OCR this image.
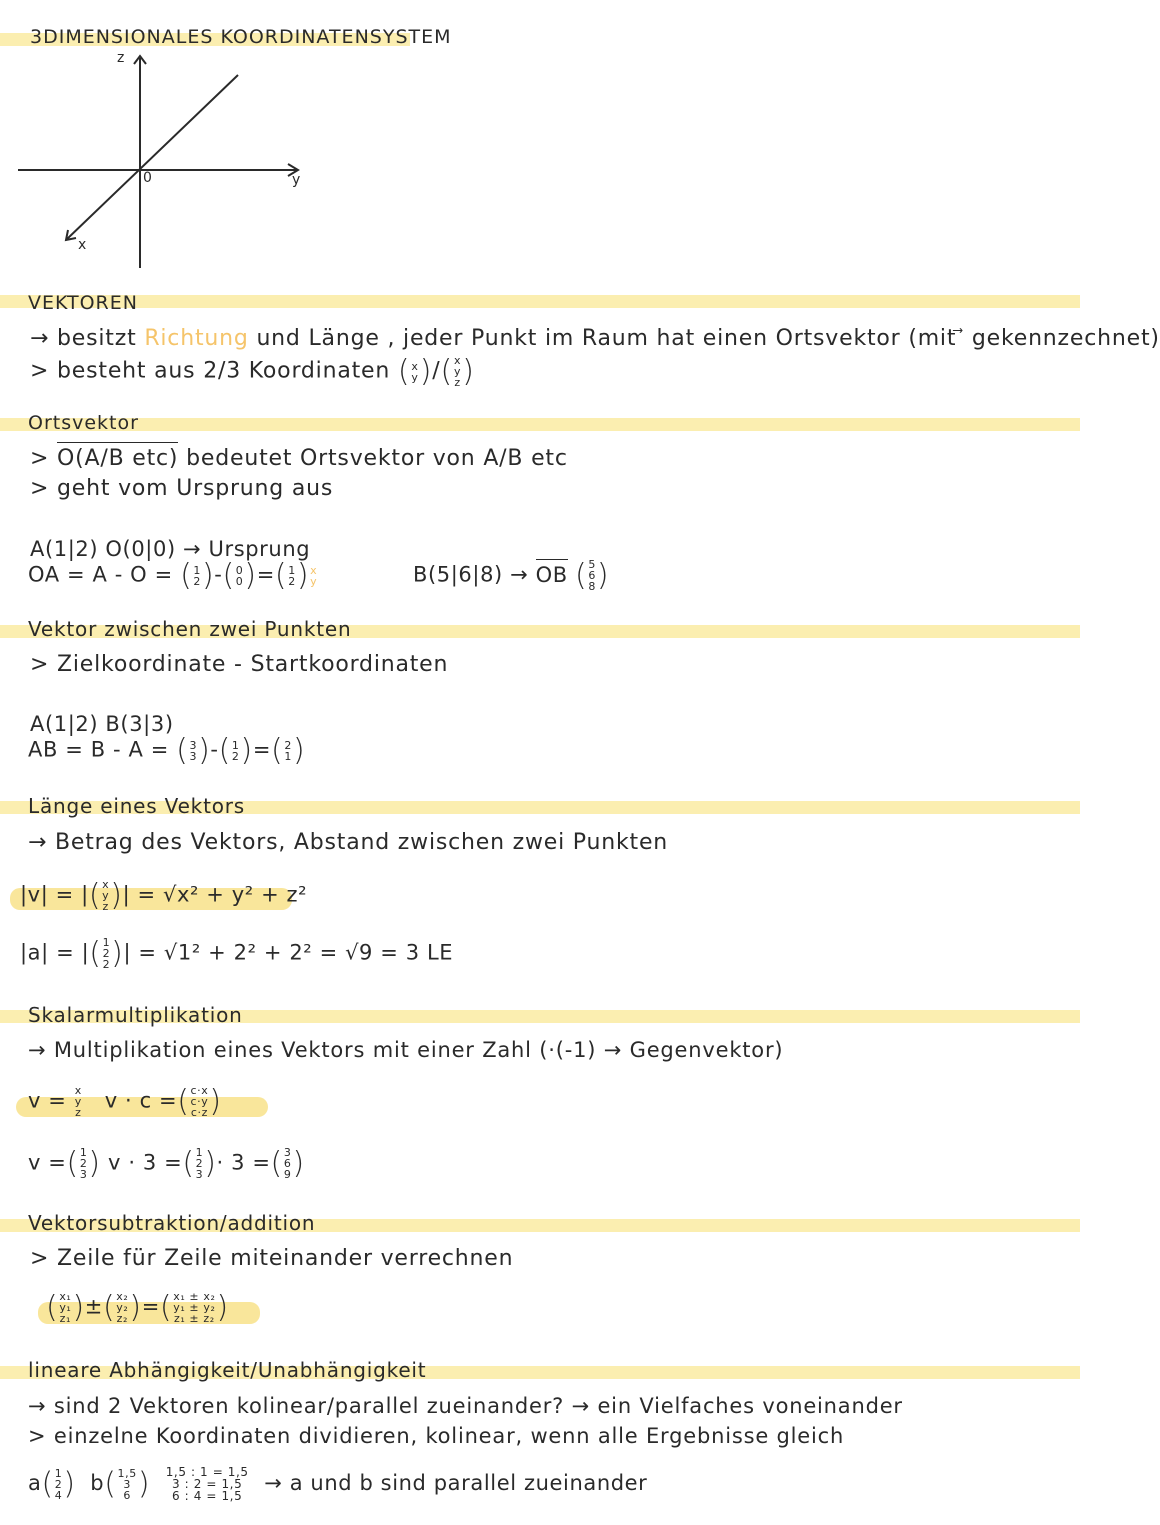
3DIMENSIONALES KOORDINATENSYSTEM
z
y
x
0
VEKTOREN
→ besitzt Richtung und Länge , jeder Punkt im Raum hat einen Ortsvektor (mit ⃗ gekennzechnet)
> besteht aus 2/3 Koordinaten ( x
y )/( x
y
z )
Ortsvektor
> O(A/B etc) bedeutet Ortsvektor von A/B etc
> geht vom Ursprung aus
A(1|2) O(0|0) → Ursprung
OA = A - O = ( 1
2 )-( 0
0 )=( 1
2 ) x
y	B(5|6|8) → OB ( 5
6
8 )
Vektor zwischen zwei Punkten
> Zielkoordinate - Startkoordinaten
A(1|2) B(3|3)
AB = B - A = ( 3
3 )-( 1
2 )=( 2
1 )
Länge eines Vektors
→ Betrag des Vektors, Abstand zwischen zwei Punkten
|v| = |( x
y
z )| = √x² + y² + z²
|a| = |( 1
2
2 )| = √1² + 2² + 2² = √9 = 3 LE
Skalarmultiplikation
→ Multiplikation eines Vektors mit einer Zahl (·(-1) → Gegenvektor)
v = x
y
z v · c =( c·x
c·y
c·z )
v =( 1
2
3 ) v · 3 =( 1
2
3 )· 3 =( 3
6
9 )
Vektorsubtraktion/addition
> Zeile für Zeile miteinander verrechnen
( x₁
y₁
z₁ )±( x₂
y₂
z₂ )=( x₁ ± x₂
y₁ ± y₂
z₁ ± z₂ )
lineare Abhängigkeit/Unabhängigkeit
→ sind 2 Vektoren kolinear/parallel zueinander? → ein Vielfaches voneinander
> einzelne Koordinaten dividieren, kolinear, wenn alle Ergebnisse gleich
a( 1
2
4 ) b( 1,5
3
6 ) 1,5 : 1 = 1,5
3 : 2 = 1,5
6 : 4 = 1,5
→ a und b sind parallel zueinander
